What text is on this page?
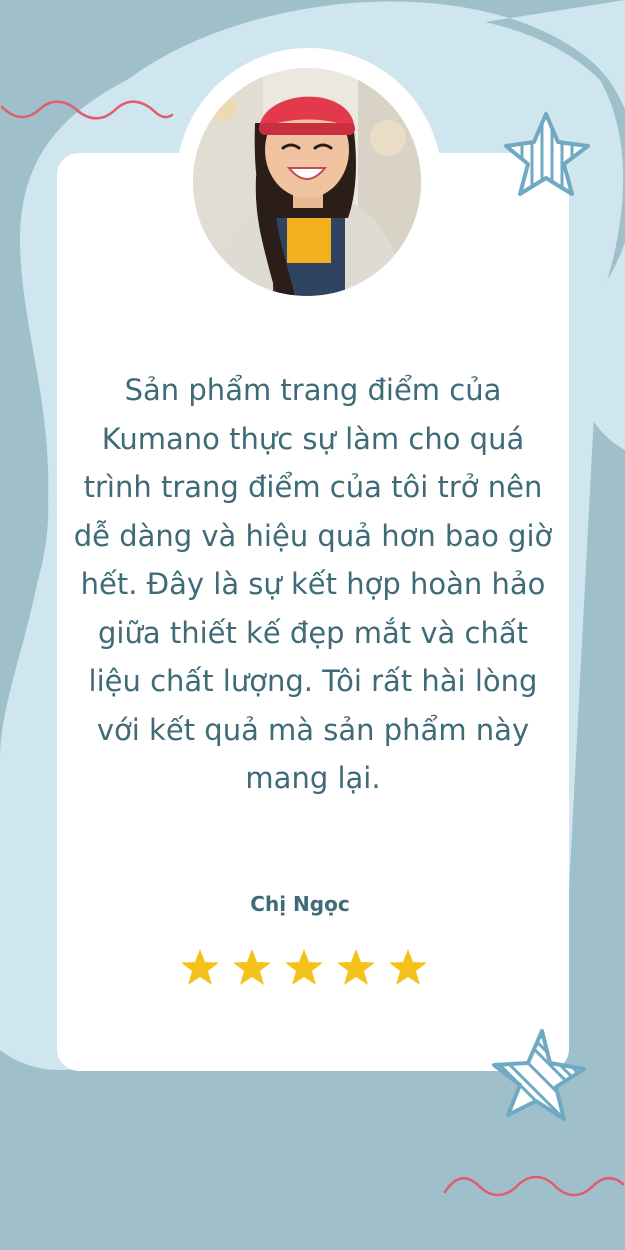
Sản phẩm trang điểm của Kumano thực sự làm cho quá trình trang điểm của tôi trở nên dễ dàng và hiệu quả hơn bao giờ hết. Đây là sự kết hợp hoàn hảo giữa thiết kế đẹp mắt và chất liệu chất lượng. Tôi rất hài lòng với kết quả mà sản phẩm này mang lại.

Chị Ngọc
